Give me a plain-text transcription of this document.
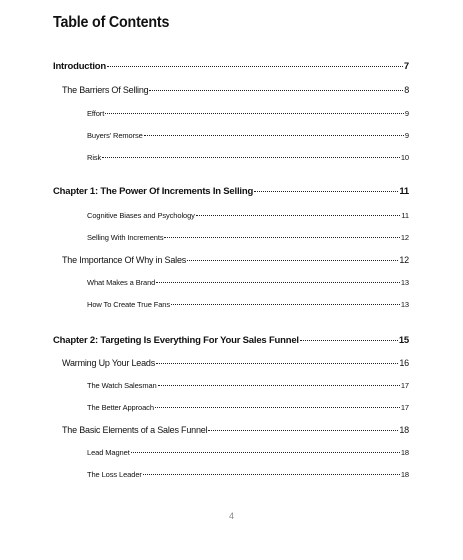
Table of Contents
Introduction	7
The Barriers Of Selling	8
Effort	9
Buyers’ Remorse	9
Risk	10
Chapter 1: The Power Of Increments In Selling	11
Cognitive Biases and Psychology	11
Selling With Increments	12
The Importance Of Why in Sales	12
What Makes a Brand	13
How To Create True Fans	13
Chapter 2: Targeting Is Everything For Your Sales Funnel	15
Warming Up Your Leads	16
The Watch Salesman	17
The Better Approach	17
The Basic Elements of a Sales Funnel	18
Lead Magnet	18
The Loss Leader	18
4
